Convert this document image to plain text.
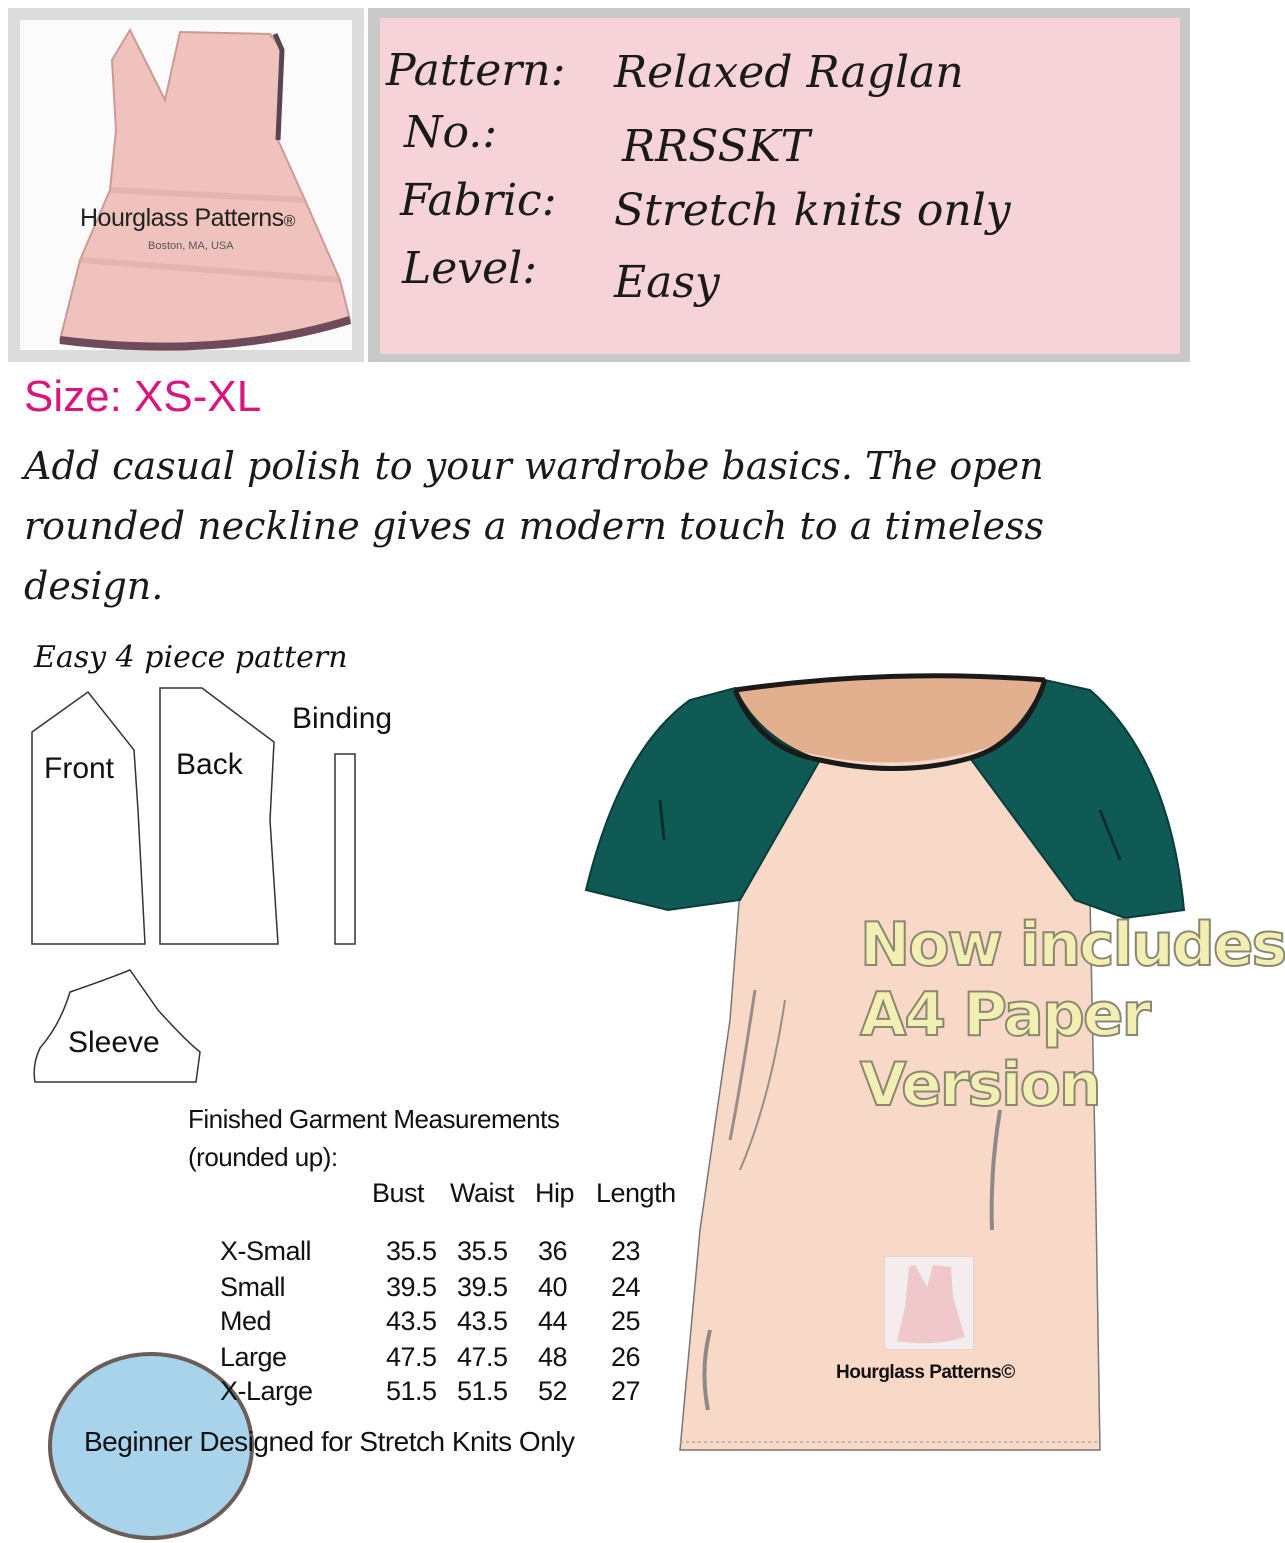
Hourglass Patterns®
Boston, MA, USA
Pattern: Relaxed Raglan
No.:	RRSSKT
Fabric: Stretch knits only
Level: Easy
Size: XS-XL
Add casual polish to your wardrobe basics. The open rounded neckline gives a modern touch to a timeless design.
Easy 4 piece pattern
Front Back
Binding
Sleeve
Hourglass Patterns©
Now includes
A4 Paper
Version
Finished Garment Measurements
(rounded up):
Bust Waist Hip Length
X-Small	35.5 35.5 36 23
Small	39.5 39.5 40 24
Med	43.5 43.5 44 25
Large	47.5 47.5 48 26
X-Large	51.5 51.5 52 27
Beginner Designed for Stretch Knits Only
